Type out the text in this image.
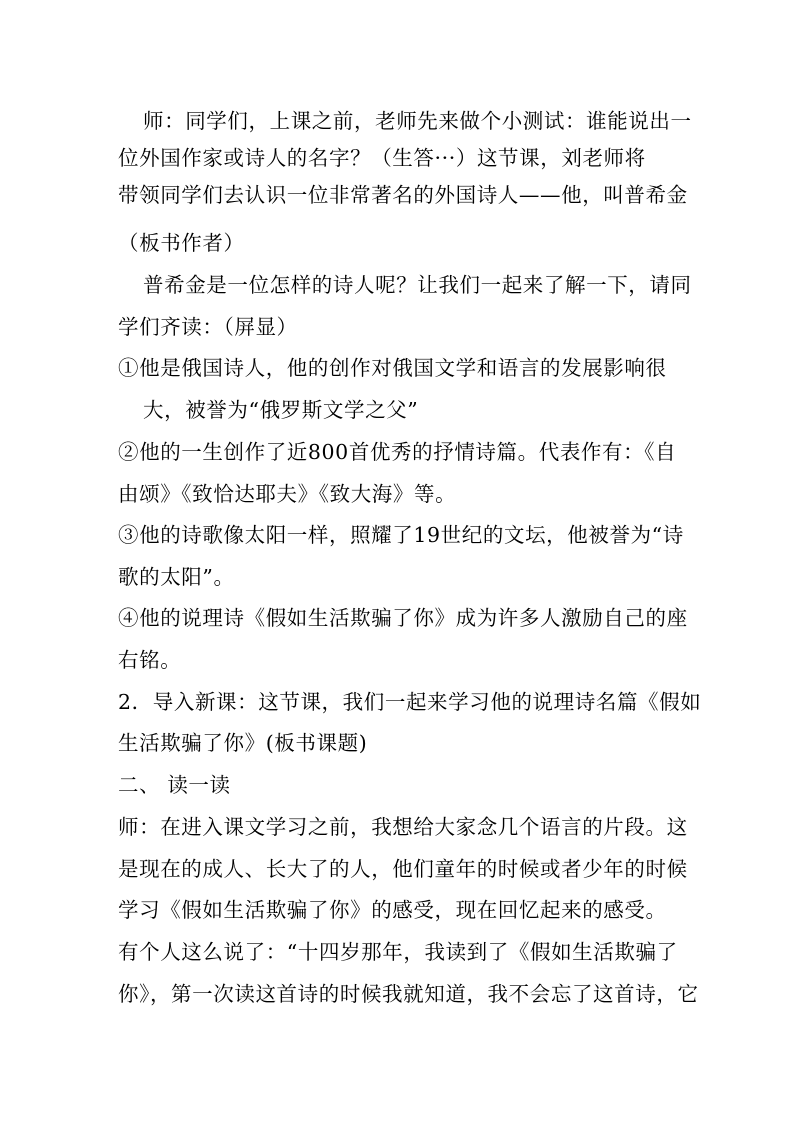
师：同学们，上课之前，老师先来做个小测试：谁能说出一
位外国作家或诗人的名字？（生答···）这节课，刘老师将
带领同学们去认识一位非常著名的外国诗人——他，叫普希金
（板书作者）
普希金是一位怎样的诗人呢？让我们一起来了解一下，请同
学们齐读：（屏显）
①他是俄国诗人，他的创作对俄国文学和语言的发展影响很
大，被誉为“俄罗斯文学之父”
②他的一生创作了近800首优秀的抒情诗篇。代表作有：《自
由颂》《致恰达耶夫》《致大海》等。
③他的诗歌像太阳一样，照耀了19世纪的文坛，他被誉为“诗
歌的太阳”。
④他的说理诗《假如生活欺骗了你》成为许多人激励自己的座
右铭。
2．导入新课：这节课，我们一起来学习他的说理诗名篇《假如
生活欺骗了你》(板书课题)
二、 读一读
师：在进入课文学习之前，我想给大家念几个语言的片段。这
是现在的成人、长大了的人，他们童年的时候或者少年的时候
学习《假如生活欺骗了你》的感受，现在回忆起来的感受。
有个人这么说了：“十四岁那年，我读到了《假如生活欺骗了
你》，第一次读这首诗的时候我就知道，我不会忘了这首诗，它
